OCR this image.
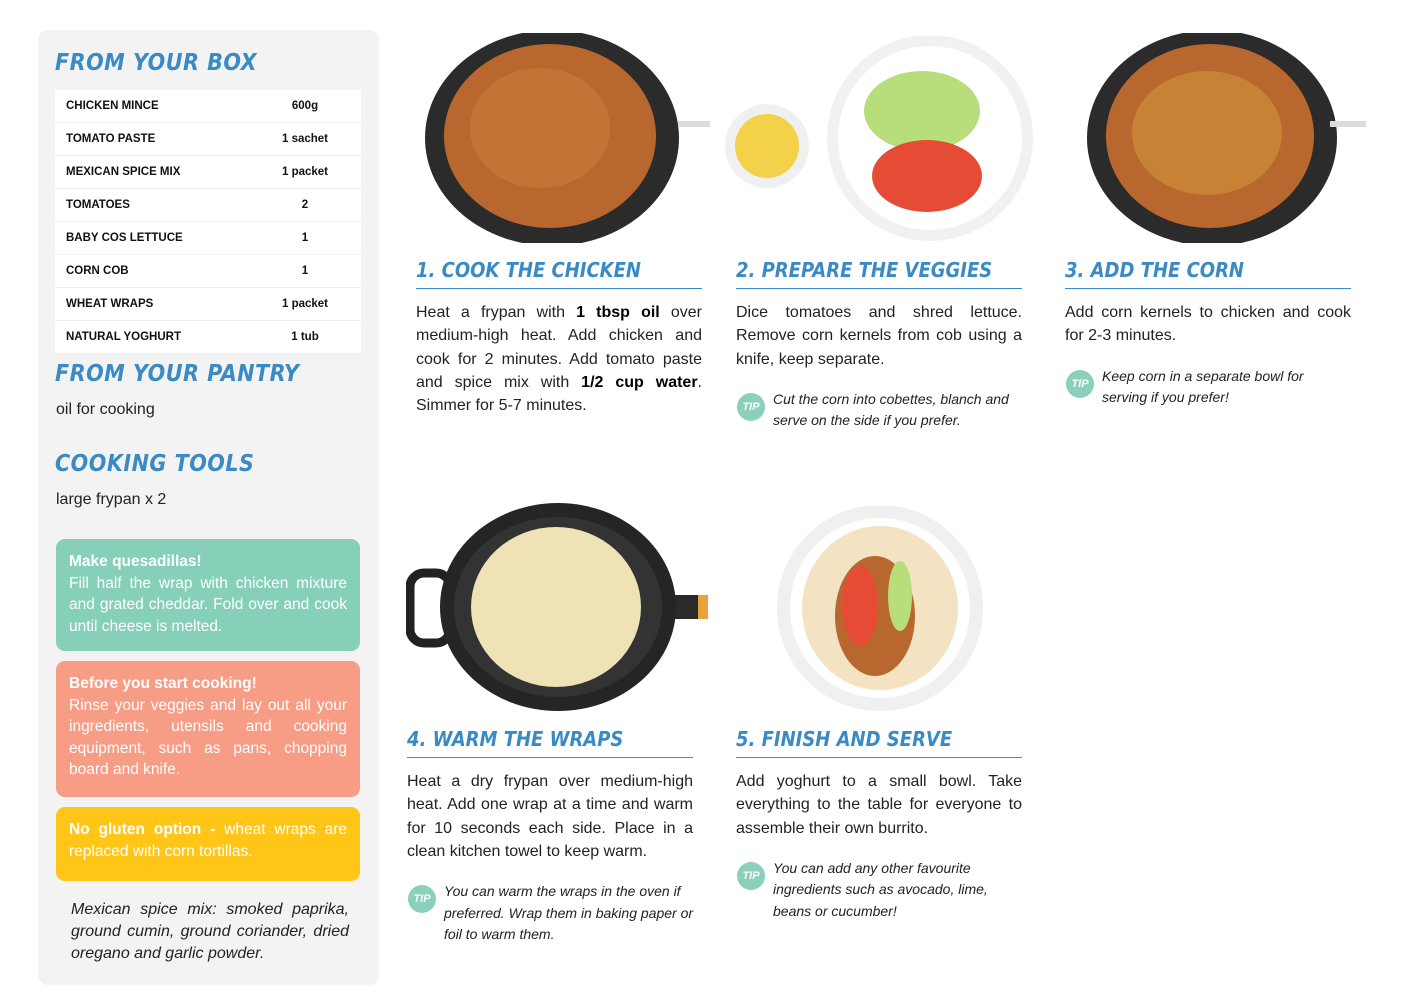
FROM YOUR BOX
CHICKEN MINCE	600g
TOMATO PASTE	1 sachet
MEXICAN SPICE MIX	1 packet
TOMATOES	2
BABY COS LETTUCE	1
CORN COB	1
WHEAT WRAPS	1 packet
NATURAL YOGHURT	1 tub
FROM YOUR PANTRY
oil for cooking
COOKING TOOLS
large frypan x 2
Make quesadillas!
Fill half the wrap with chicken mixture and grated cheddar. Fold over and cook until cheese is melted.
Before you start cooking!
Rinse your veggies and lay out all your ingredients, utensils and cooking equipment, such as pans, chopping board and knife.
No gluten option - wheat wraps are replaced with corn tortillas.
Mexican spice mix: smoked paprika, ground cumin, ground coriander, dried oregano and garlic powder.
1. COOK THE CHICKEN
Heat a frypan with 1 tbsp oil over medium-high heat. Add chicken and cook for 2 minutes. Add tomato paste and spice mix with 1/2 cup water. Simmer for 5-7 minutes.
2. PREPARE THE VEGGIES
Dice tomatoes and shred lettuce. Remove corn kernels from cob using a knife, keep separate.
TIP Cut the corn into cobettes, blanch and serve on the side if you prefer.
3. ADD THE CORN
Add corn kernels to chicken and cook for 2-3 minutes.
TIP Keep corn in a separate bowl for serving if you prefer!
4. WARM THE WRAPS
Heat a dry frypan over medium-high heat. Add one wrap at a time and warm for 10 seconds each side. Place in a clean kitchen towel to keep warm.
TIP You can warm the wraps in the oven if preferred. Wrap them in baking paper or foil to warm them.
5. FINISH AND SERVE
Add yoghurt to a small bowl. Take everything to the table for everyone to assemble their own burrito.
TIP You can add any other favourite ingredients such as avocado, lime, beans or cucumber!
